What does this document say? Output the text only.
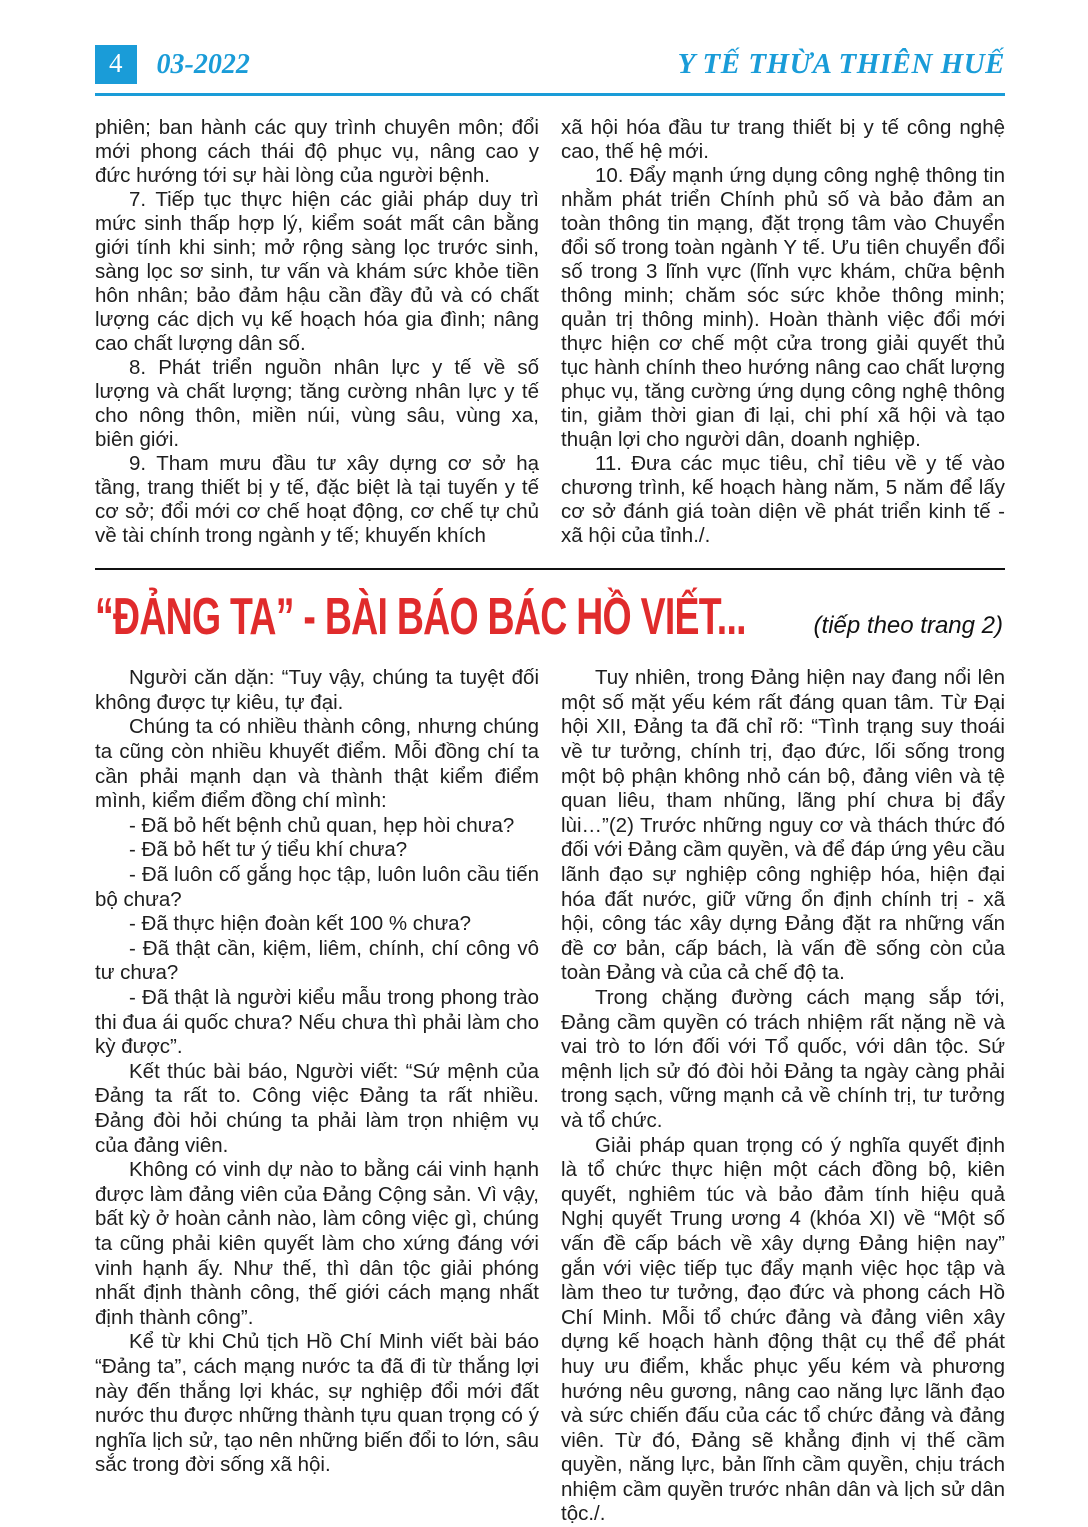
4	03-2022	Y TẾ THỪA THIÊN HUẾ

phiên; ban hành các quy trình chuyên môn; đổi mới phong cách thái độ phục vụ, nâng cao y đức hướng tới sự hài lòng của người bệnh.

7. Tiếp tục thực hiện các giải pháp duy trì mức sinh thấp hợp lý, kiểm soát mất cân bằng giới tính khi sinh; mở rộng sàng lọc trước sinh, sàng lọc sơ sinh, tư vấn và khám sức khỏe tiền hôn nhân; bảo đảm hậu cần đầy đủ và có chất lượng các dịch vụ kế hoạch hóa gia đình; nâng cao chất lượng dân số.

8. Phát triển nguồn nhân lực y tế về số lượng và chất lượng; tăng cường nhân lực y tế cho nông thôn, miền núi, vùng sâu, vùng xa, biên giới.

9. Tham mưu đầu tư xây dựng cơ sở hạ tầng, trang thiết bị y tế, đặc biệt là tại tuyến y tế cơ sở; đổi mới cơ chế hoạt động, cơ chế tự chủ về tài chính trong ngành y tế; khuyến khích

xã hội hóa đầu tư trang thiết bị y tế công nghệ cao, thế hệ mới.

10. Đẩy mạnh ứng dụng công nghệ thông tin nhằm phát triển Chính phủ số và bảo đảm an toàn thông tin mạng, đặt trọng tâm vào Chuyển đổi số trong toàn ngành Y tế. Ưu tiên chuyển đổi số trong 3 lĩnh vực (lĩnh vực khám, chữa bệnh thông minh; chăm sóc sức khỏe thông minh; quản trị thông minh). Hoàn thành việc đổi mới thực hiện cơ chế một cửa trong giải quyết thủ tục hành chính theo hướng nâng cao chất lượng phục vụ, tăng cường ứng dụng công nghệ thông tin, giảm thời gian đi lại, chi phí xã hội và tạo thuận lợi cho người dân, doanh nghiệp.

11. Đưa các mục tiêu, chỉ tiêu về y tế vào chương trình, kế hoạch hàng năm, 5 năm để lấy cơ sở đánh giá toàn diện về phát triển kinh tế - xã hội của tỉnh./.

“ĐẢNG TA” - BÀI BÁO BÁC HỒ VIẾT...	(tiếp theo trang 2)

Người căn dặn: “Tuy vậy, chúng ta tuyệt đối không được tự kiêu, tự đại.

Chúng ta có nhiều thành công, nhưng chúng ta cũng còn nhiều khuyết điểm. Mỗi đồng chí ta cần phải mạnh dạn và thành thật kiểm điểm mình, kiểm điểm đồng chí mình:

- Đã bỏ hết bệnh chủ quan, hẹp hòi chưa?

- Đã bỏ hết tư ý tiểu khí chưa?

- Đã luôn cố gắng học tập, luôn luôn cầu tiến bộ chưa?

- Đã thực hiện đoàn kết 100 % chưa?

- Đã thật cần, kiệm, liêm, chính, chí công vô tư chưa?

- Đã thật là người kiểu mẫu trong phong trào thi đua ái quốc chưa? Nếu chưa thì phải làm cho kỳ được”.

Kết thúc bài báo, Người viết: “Sứ mệnh của Đảng ta rất to. Công việc Đảng ta rất nhiều. Đảng đòi hỏi chúng ta phải làm trọn nhiệm vụ của đảng viên.

Không có vinh dự nào to bằng cái vinh hạnh được làm đảng viên của Đảng Cộng sản. Vì vậy, bất kỳ ở hoàn cảnh nào, làm công việc gì, chúng ta cũng phải kiên quyết làm cho xứng đáng với vinh hạnh ấy. Như thế, thì dân tộc giải phóng nhất định thành công, thế giới cách mạng nhất định thành công”.

Kể từ khi Chủ tịch Hồ Chí Minh viết bài báo “Đảng ta”, cách mạng nước ta đã đi từ thắng lợi này đến thắng lợi khác, sự nghiệp đổi mới đất nước thu được những thành tựu quan trọng có ý nghĩa lịch sử, tạo nên những biến đổi to lớn, sâu sắc trong đời sống xã hội.

Tuy nhiên, trong Đảng hiện nay đang nổi lên một số mặt yếu kém rất đáng quan tâm. Từ Đại hội XII, Đảng ta đã chỉ rõ: “Tình trạng suy thoái về tư tưởng, chính trị, đạo đức, lối sống trong một bộ phận không nhỏ cán bộ, đảng viên và tệ quan liêu, tham nhũng, lãng phí chưa bị đẩy lùi…”(2) Trước những nguy cơ và thách thức đó đối với Đảng cầm quyền, và để đáp ứng yêu cầu lãnh đạo sự nghiệp công nghiệp hóa, hiện đại hóa đất nước, giữ vững ổn định chính trị - xã hội, công tác xây dựng Đảng đặt ra những vấn đề cơ bản, cấp bách, là vấn đề sống còn của toàn Đảng và của cả chế độ ta.

Trong chặng đường cách mạng sắp tới, Đảng cầm quyền có trách nhiệm rất nặng nề và vai trò to lớn đối với Tổ quốc, với dân tộc. Sứ mệnh lịch sử đó đòi hỏi Đảng ta ngày càng phải trong sạch, vững mạnh cả về chính trị, tư tưởng và tổ chức.

Giải pháp quan trọng có ý nghĩa quyết định là tổ chức thực hiện một cách đồng bộ, kiên quyết, nghiêm túc và bảo đảm tính hiệu quả Nghị quyết Trung ương 4 (khóa XI) về “Một số vấn đề cấp bách về xây dựng Đảng hiện nay” gắn với việc tiếp tục đẩy mạnh việc học tập và làm theo tư tưởng, đạo đức và phong cách Hồ Chí Minh. Mỗi tổ chức đảng và đảng viên xây dựng kế hoạch hành động thật cụ thể để phát huy ưu điểm, khắc phục yếu kém và phương hướng nêu gương, nâng cao năng lực lãnh đạo và sức chiến đấu của các tổ chức đảng và đảng viên. Từ đó, Đảng sẽ khẳng định vị thế cầm quyền, năng lực, bản lĩnh cầm quyền, chịu trách nhiệm cầm quyền trước nhân dân và lịch sử dân tộc./.
